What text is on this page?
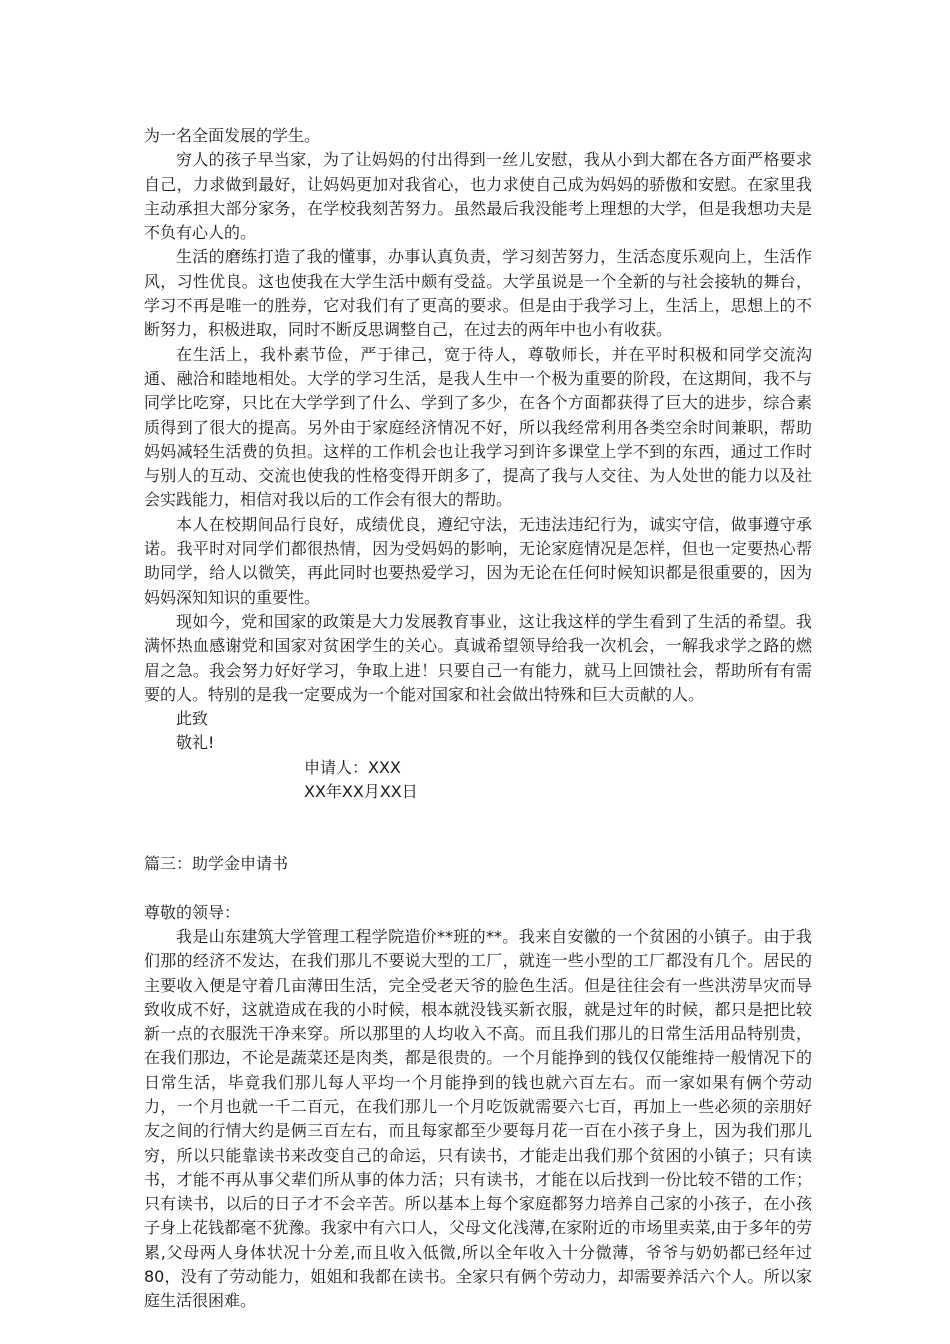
为一名全面发展的学生。

穷人的孩子早当家，为了让妈妈的付出得到一丝儿安慰，我从小到大都在各方面严格要求自己，力求做到最好，让妈妈更加对我省心，也力求使自己成为妈妈的骄傲和安慰。在家里我主动承担大部分家务，在学校我刻苦努力。虽然最后我没能考上理想的大学，但是我想功夫是不负有心人的。

生活的磨练打造了我的懂事，办事认真负责，学习刻苦努力，生活态度乐观向上，生活作风，习性优良。这也使我在大学生活中颇有受益。大学虽说是一个全新的与社会接轨的舞台，学习不再是唯一的胜券，它对我们有了更高的要求。但是由于我学习上，生活上，思想上的不断努力，积极进取，同时不断反思调整自己，在过去的两年中也小有收获。

在生活上，我朴素节俭，严于律己，宽于待人，尊敬师长，并在平时积极和同学交流沟通、融洽和睦地相处。大学的学习生活，是我人生中一个极为重要的阶段，在这期间，我不与同学比吃穿，只比在大学学到了什么、学到了多少，在各个方面都获得了巨大的进步，综合素质得到了很大的提高。另外由于家庭经济情况不好，所以我经常利用各类空余时间兼职，帮助妈妈减轻生活费的负担。这样的工作机会也让我学习到许多课堂上学不到的东西，通过工作时与别人的互动、交流也使我的性格变得开朗多了，提高了我与人交往、为人处世的能力以及社会实践能力，相信对我以后的工作会有很大的帮助。

本人在校期间品行良好，成绩优良，遵纪守法，无违法违纪行为，诚实守信，做事遵守承诺。我平时对同学们都很热情，因为受妈妈的影响，无论家庭情况是怎样，但也一定要热心帮助同学，给人以微笑，再此同时也要热爱学习，因为无论在任何时候知识都是很重要的，因为妈妈深知知识的重要性。

现如今，党和国家的政策是大力发展教育事业，这让我这样的学生看到了生活的希望。我满怀热血感谢党和国家对贫困学生的关心。真诚希望领导给我一次机会，一解我求学之路的燃眉之急。我会努力好好学习，争取上进！只要自己一有能力，就马上回馈社会，帮助所有有需要的人。特别的是我一定要成为一个能对国家和社会做出特殊和巨大贡献的人。

此致

敬礼!

申请人：XXX

XX年XX月XX日

篇三：助学金申请书

尊敬的领导：

我是山东建筑大学管理工程学院造价**班的**。我来自安徽的一个贫困的小镇子。由于我们那的经济不发达，在我们那儿不要说大型的工厂，就连一些小型的工厂都没有几个。居民的主要收入便是守着几亩薄田生活，完全受老天爷的脸色生活。但是往往会有一些洪涝旱灾而导致收成不好，这就造成在我的小时候，根本就没钱买新衣服，就是过年的时候，都只是把比较新一点的衣服洗干净来穿。所以那里的人均收入不高。而且我们那儿的日常生活用品特别贵，在我们那边，不论是蔬菜还是肉类，都是很贵的。一个月能挣到的钱仅仅能维持一般情况下的日常生活，毕竟我们那儿每人平均一个月能挣到的钱也就六百左右。而一家如果有俩个劳动力，一个月也就一千二百元，在我们那儿一个月吃饭就需要六七百，再加上一些必须的亲朋好友之间的行情大约是俩三百左右，而且每家都至少要每月花一百在小孩子身上，因为我们那儿穷，所以只能靠读书来改变自己的命运，只有读书，才能走出我们那个贫困的小镇子；只有读书，才能不再从事父辈们所从事的体力活；只有读书，才能在以后找到一份比较不错的工作；只有读书，以后的日子才不会辛苦。所以基本上每个家庭都努力培养自己家的小孩子，在小孩子身上花钱都毫不犹豫。我家中有六口人，父母文化浅薄,在家附近的市场里卖菜,由于多年的劳累,父母两人身体状况十分差,而且收入低微,所以全年收入十分微薄，爷爷与奶奶都已经年过80，没有了劳动能力，姐姐和我都在读书。全家只有俩个劳动力，却需要养活六个人。所以家庭生活很困难。
